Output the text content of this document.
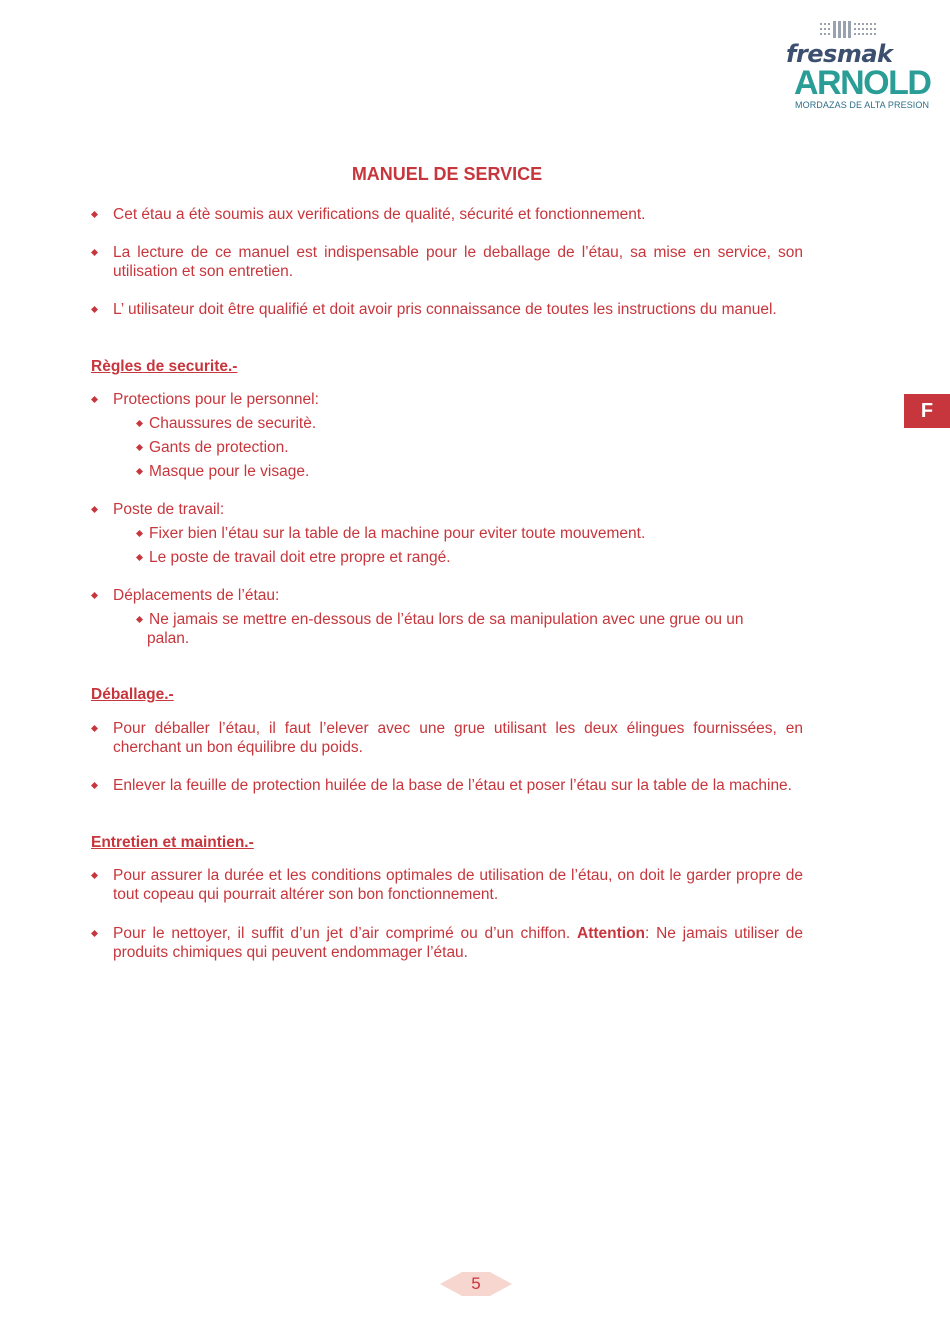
fresmak
ARNOLD
MORDAZAS DE ALTA PRESION
F
MANUEL DE SERVICE
Cet étau a étè soumis aux verifications de qualité, sécurité et fonctionnement.
La lecture de ce manuel est indispensable pour le deballage de l’étau, sa mise en service, son utilisation et son entretien.
L’ utilisateur doit être qualifié et doit avoir pris connaissance de toutes les instructions du manuel.
Règles de securite.-
Protections pour le personnel:
Chaussures de securitè.
Gants de protection.
Masque pour le visage.
Poste de travail:
Fixer bien l’étau sur la table de la machine pour eviter toute mouvement.
Le poste de travail doit etre propre et rangé.
Déplacements de l’étau:
Ne jamais se mettre en-dessous de l’étau lors de sa manipulation avec une grue ou un
palan.
Déballage.-
Pour déballer l’étau, il faut l’elever avec une grue utilisant les deux élingues fournissées, en cherchant un bon équilibre du poids.
Enlever la feuille de protection huilée de la base de l’étau et poser l’étau sur la table de la machine.
Entretien et maintien.-
Pour assurer la durée et les conditions optimales de utilisation de l’étau, on doit le garder propre de tout copeau qui pourrait altérer son bon fonctionnement.
Pour le nettoyer, il suffit d’un jet d’air comprimé ou d’un chiffon. Attention: Ne jamais utiliser de produits chimiques qui peuvent endommager l’étau.
5
